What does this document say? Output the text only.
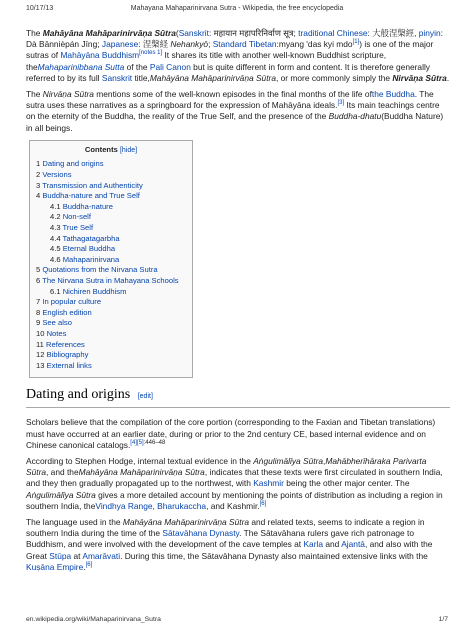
10/17/13	Mahayana Mahaparinirvana Sutra - Wikipedia, the free encyclopedia

The Mahāyāna Mahāparinirvāṇa Sūtra(Sanskrit: महायान महापरिनिर्वाण सूत्र; traditional Chinese: 大般涅槃經, pinyin: Dà Bānnièpán Jīng; Japanese: 涅槃経 Nehankyō; Standard Tibetan:myang 'das kyi mdo[1]) is one of the major sutras of Mahāyāna Buddhism[notes 1] It shares its title with another well-known Buddhist scripture, theMahaparinibbana Sutta of the Pali Canon but is quite different in form and content. It is therefore generally referred to by its full Sanskrit title,Mahāyāna Mahāparinirvāṇa Sūtra, or more commonly simply the Nirvāṇa Sūtra.

The Nirvāṇa Sūtra mentions some of the well-known episodes in the final months of the life ofthe Buddha. The sutra uses these narratives as a springboard for the expression of Mahāyāna ideals.[3] Its main teachings centre on the eternity of the Buddha, the reality of the True Self, and the presence of the Buddha-dhatu(Buddha Nature) in all beings.

Contents [hide]
1 Dating and origins
2 Versions
3 Transmission and Authenticity
4 Buddha-nature and True Self
4.1 Buddha-nature
4.2 Non-self
4.3 True Self
4.4 Tathagatagarbha
4.5 Eternal Buddha
4.6 Mahaparinirvana
5 Quotations from the Nirvana Sutra
6 The Nirvana Sutra in Mahayana Schools
6.1 Nichiren Buddhism
7 In popular culture
8 English edition
9 See also
10 Notes
11 References
12 Bibliography
13 External links
Dating and origins [edit]

Scholars believe that the compilation of the core portion (corresponding to the Faxian and Tibetan translations) must have occurred at an earlier date, during or prior to the 2nd century CE, based internal evidence and on Chinese canonical catalogs.$^{[4][5]:446-48}$

According to Stephen Hodge, internal textual evidence in the Aṅgulimālīya Sūtra,Mahābherīhāraka Parivarta Sūtra, and theMahāyāna Mahāparinirvāṇa Sūtra, indicates that these texts were first circulated in southern India, and they then gradually propagated up to the northwest, with Kashmir being the other major center. The Aṅgulimālīya Sūtra gives a more detailed account by mentioning the points of distribution as including a region in southern India, theVindhya Range, Bharukaccha, and Kashmir.[6]

The language used in the Mahāyāna Mahāparinirvāṇa Sūtra and related texts, seems to indicate a region in southern India during the time of the Sātavāhana Dynasty. The Sātavāhana rulers gave rich patronage to Buddhism, and were involved with the development of the cave temples at Karla and Ajantā, and also with the Great Stūpa at Amarāvati. During this time, the Sātavāhana Dynasty also maintained extensive links with the Kuṣāna Empire.[6]

en.wikipedia.org/wiki/Mahaparinirvana_Sutra	1/7
